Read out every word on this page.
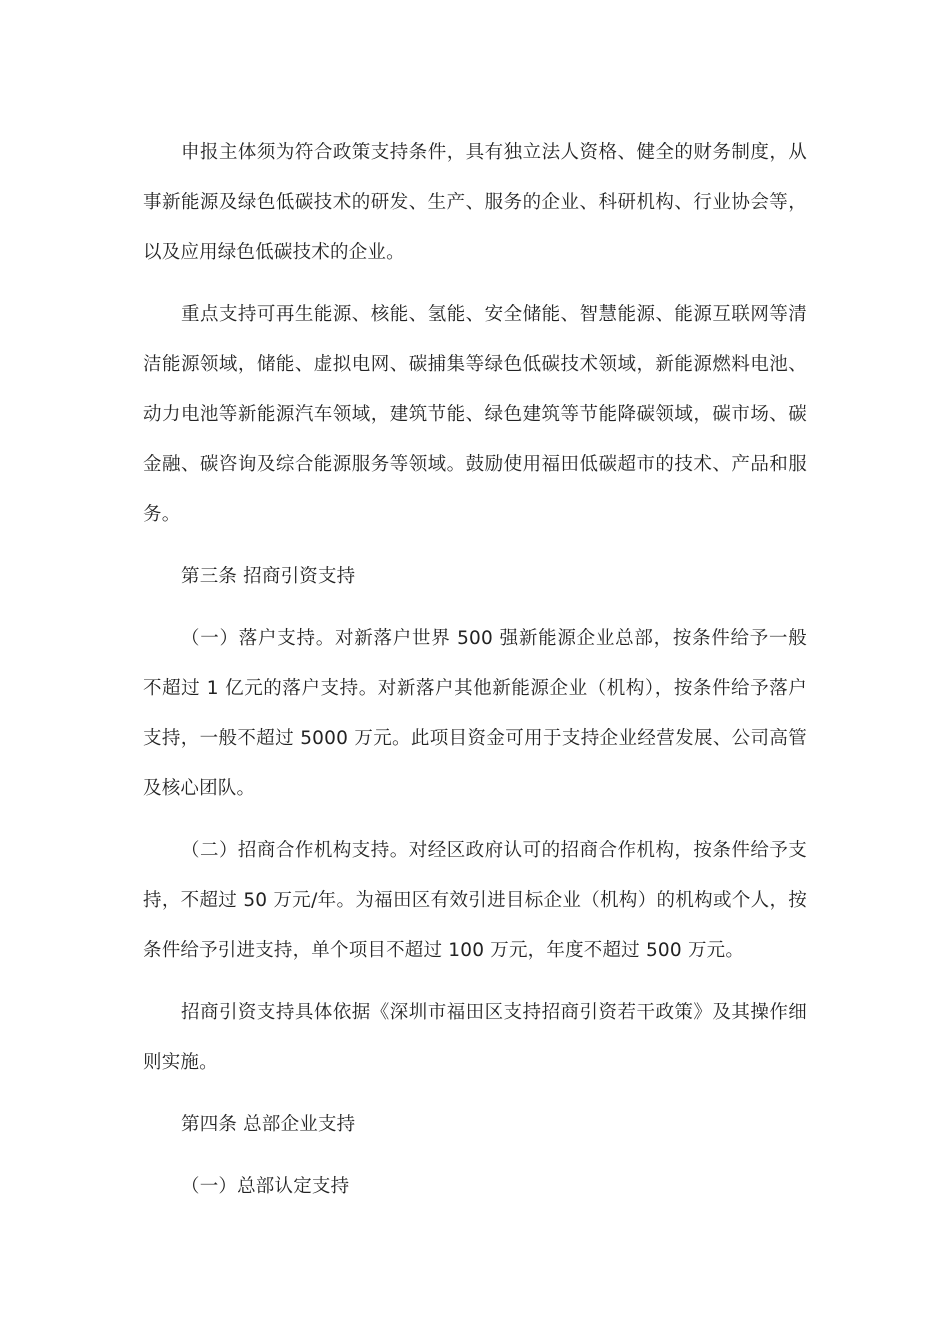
申报主体须为符合政策支持条件，具有独立法人资格、健全的财务制度，从事新能源及绿色低碳技术的研发、生产、服务的企业、科研机构、行业协会等，以及应用绿色低碳技术的企业。

重点支持可再生能源、核能、氢能、安全储能、智慧能源、能源互联网等清洁能源领域，储能、虚拟电网、碳捕集等绿色低碳技术领域，新能源燃料电池、动力电池等新能源汽车领域，建筑节能、绿色建筑等节能降碳领域，碳市场、碳金融、碳咨询及综合能源服务等领域。鼓励使用福田低碳超市的技术、产品和服务。

第三条 招商引资支持

（一）落户支持。对新落户世界 500 强新能源企业总部，按条件给予一般不超过 1 亿元的落户支持。对新落户其他新能源企业（机构），按条件给予落户支持，一般不超过 5000 万元。此项目资金可用于支持企业经营发展、公司高管及核心团队。

（二）招商合作机构支持。对经区政府认可的招商合作机构，按条件给予支持，不超过 50 万元/年。为福田区有效引进目标企业（机构）的机构或个人，按条件给予引进支持，单个项目不超过 100 万元，年度不超过 500 万元。

招商引资支持具体依据《深圳市福田区支持招商引资若干政策》及其操作细则实施。

第四条 总部企业支持

（一）总部认定支持
